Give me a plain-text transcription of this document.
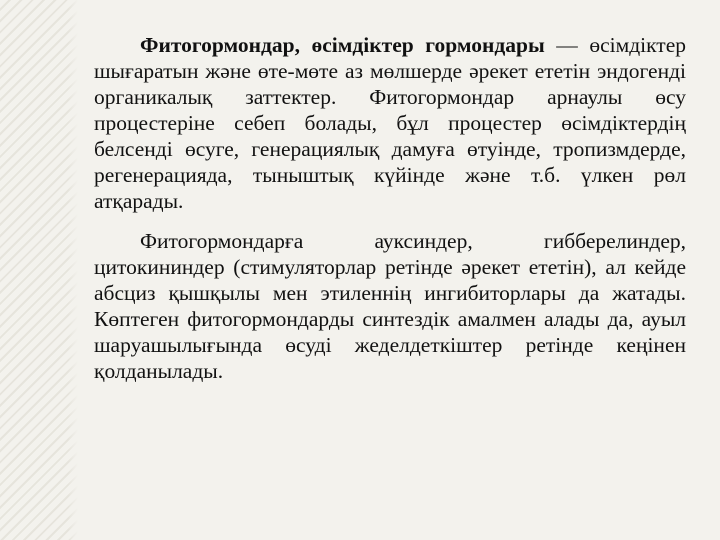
Фитогормондар, өсімдіктер гормондары — өсімдіктер шығаратын және өте-мөте аз мөлшерде әрекет ететін эндогенді органикалық заттектер. Фитогормондар арнаулы өсу процестеріне себеп болады, бұл процестер өсімдіктердің белсенді өсуге, генерациялық дамуға өтуінде, тропизмдерде, регенерацияда, тыныштық күйінде және т.б. үлкен рөл атқарады.

Фитогормондарға ауксиндер, гибберелиндер, цитокининдер (стимуляторлар ретінде әрекет ететін), ал кейде абсциз қышқылы мен этиленнің ингибиторлары да жатады. Көптеген фитогормондарды синтездік амалмен алады да, ауыл шаруашылығында өсуді жеделдеткіштер ретінде кеңінен қолданылады.
